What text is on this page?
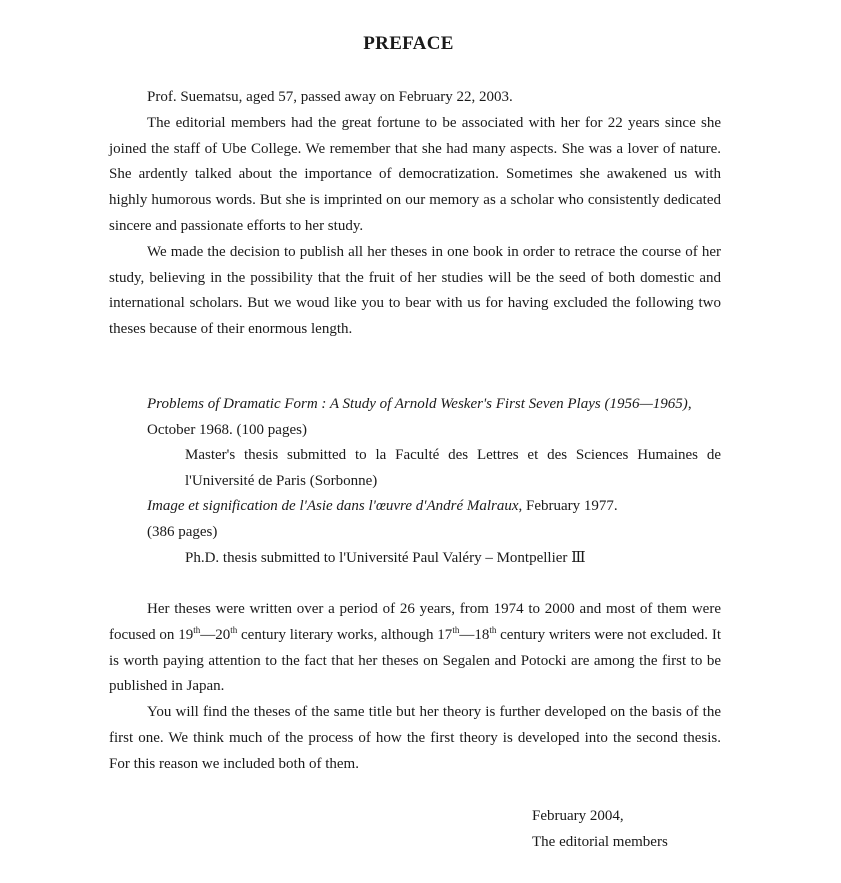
PREFACE

Prof. Suematsu, aged 57, passed away on February 22, 2003.

The editorial members had the great fortune to be associated with her for 22 years since she joined the staff of Ube College. We remember that she had many aspects. She was a lover of nature. She ardently talked about the importance of democratization. Sometimes she awakened us with highly humorous words. But she is imprinted on our memory as a scholar who consistently dedicated sincere and passionate efforts to her study.

We made the decision to publish all her theses in one book in order to retrace the course of her study, believing in the possibility that the fruit of her studies will be the seed of both domestic and international scholars. But we woud like you to bear with us for having excluded the following two theses because of their enormous length.

Problems of Dramatic Form : A Study of Arnold Wesker's First Seven Plays (1956—1965), October 1968. (100 pages)

Master's thesis submitted to la Faculté des Lettres et des Sciences Humaines de l'Université de Paris (Sorbonne)

Image et signification de l'Asie dans l'œuvre d'André Malraux, February 1977.

(386 pages)

Ph.D. thesis submitted to l'Université Paul Valéry – Montpellier Ⅲ

Her theses were written over a period of 26 years, from 1974 to 2000 and most of them were focused on 19th—20th century literary works, although 17th—18th century writers were not excluded. It is worth paying attention to the fact that her theses on Segalen and Potocki are among the first to be published in Japan.

You will find the theses of the same title but her theory is further developed on the basis of the first one. We think much of the process of how the first theory is developed into the second thesis. For this reason we included both of them.

February 2004,
The editorial members
